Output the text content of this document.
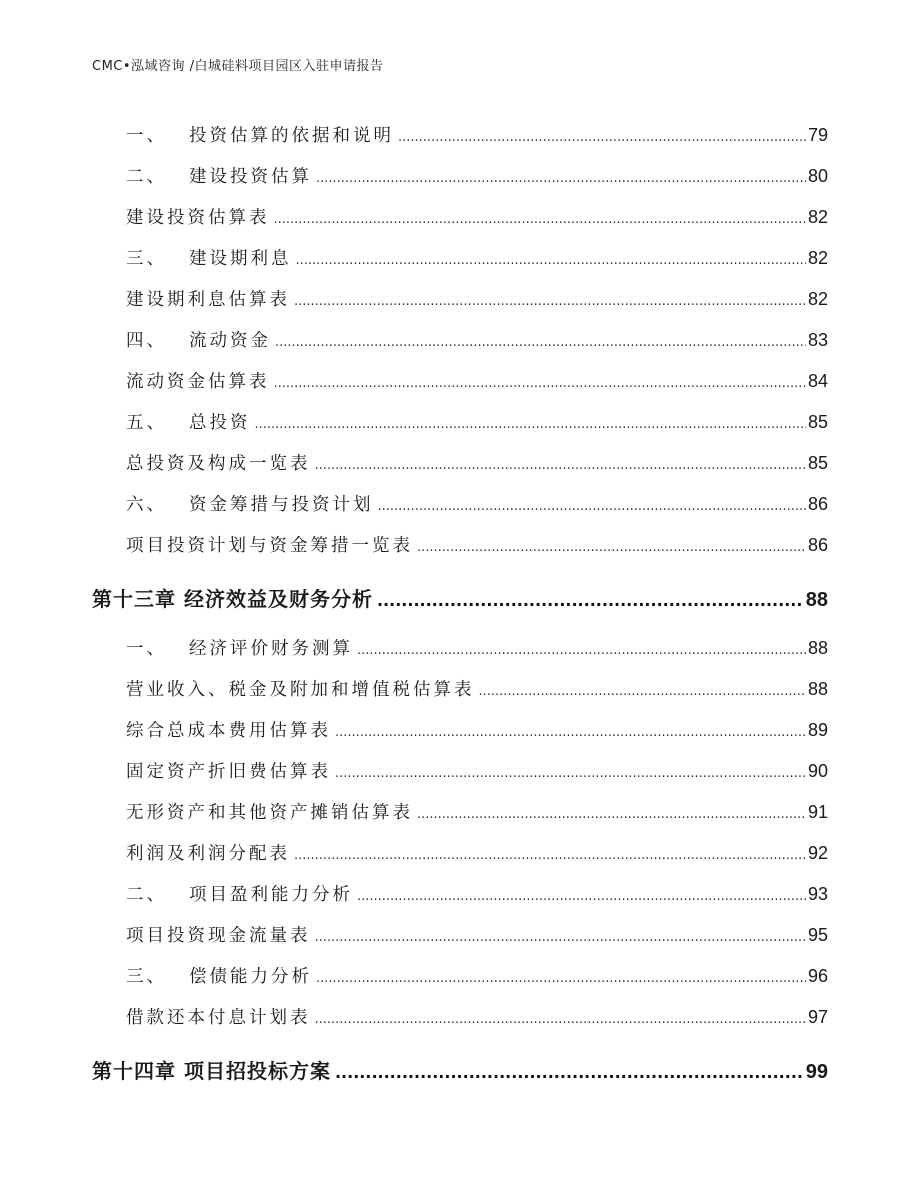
CMC•泓域咨询 /白城硅料项目园区入驻申请报告
一、 投资估算的依据和说明 .....	79
二、 建设投资估算 .....	80
建设投资估算表 .....	82
三、 建设期利息 .....	82
建设期利息估算表 .....	82
四、 流动资金 .....	83
流动资金估算表 .....	84
五、 总投资 .....	85
总投资及构成一览表 .....	85
六、 资金筹措与投资计划 .....	86
项目投资计划与资金筹措一览表 .....	86
第十三章 经济效益及财务分析 .....	88
一、 经济评价财务测算 .....	88
营业收入、税金及附加和增值税估算表 .....	88
综合总成本费用估算表 .....	89
固定资产折旧费估算表 .....	90
无形资产和其他资产摊销估算表 .....	91
利润及利润分配表 .....	92
二、 项目盈利能力分析 .....	93
项目投资现金流量表 .....	95
三、 偿债能力分析 .....	96
借款还本付息计划表 .....	97
第十四章 项目招投标方案 .....	99
